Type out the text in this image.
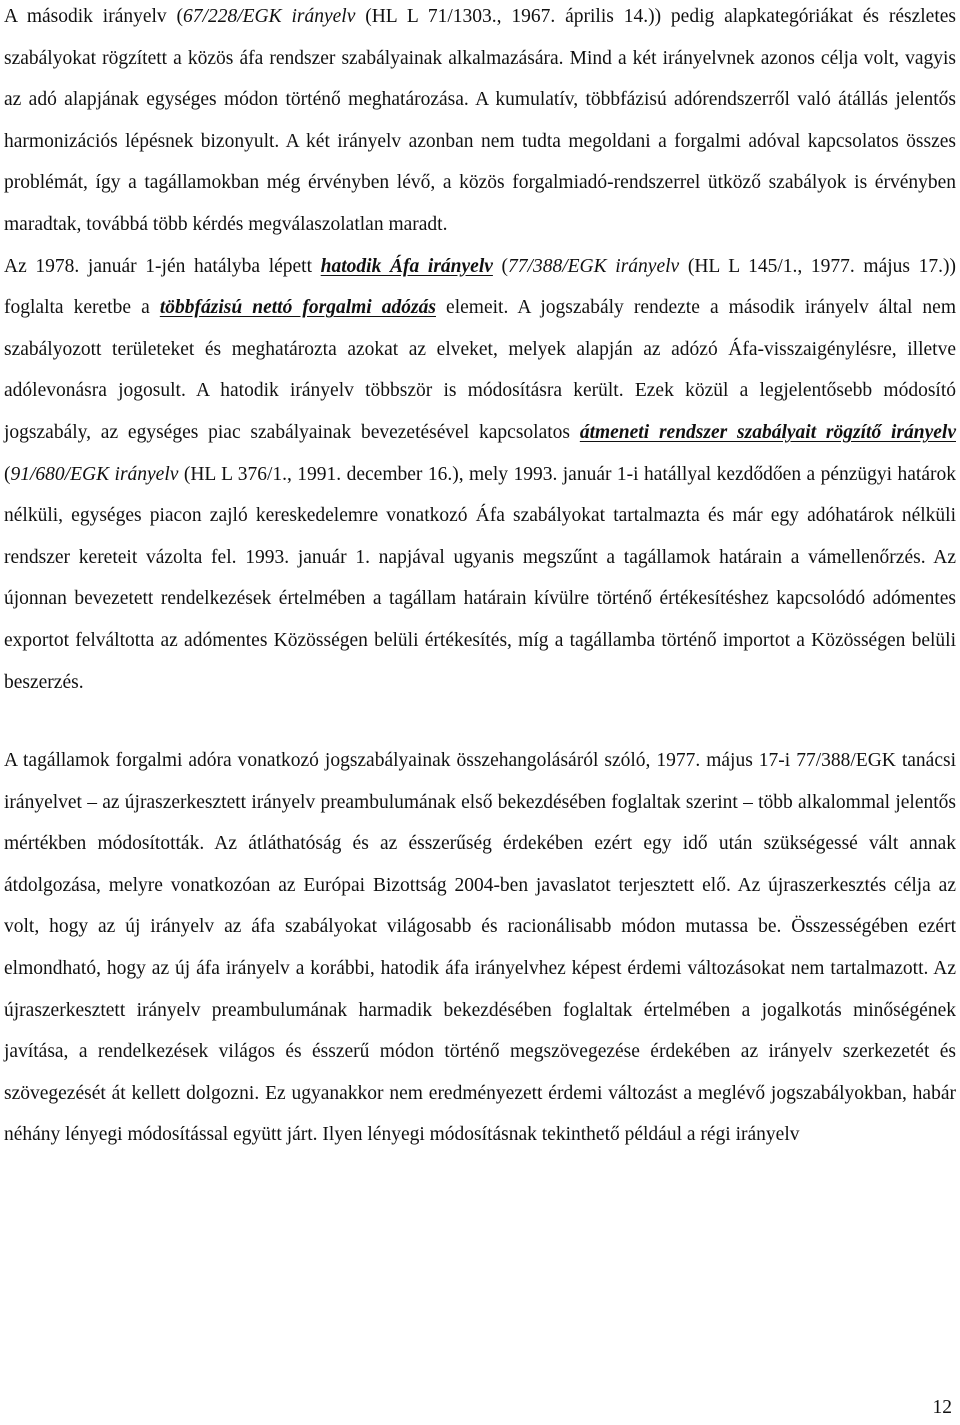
A második irányelv (67/228/EGK irányelv (HL L 71/1303., 1967. április 14.)) pedig alapkategóriákat és részletes szabályokat rögzített a közös áfa rendszer szabályainak alkalmazására. Mind a két irányelvnek azonos célja volt, vagyis az adó alapjának egységes módon történő meghatározása. A kumulatív, többfázisú adórendszerről való átállás jelentős harmonizációs lépésnek bizonyult. A két irányelv azonban nem tudta megoldani a forgalmi adóval kapcsolatos összes problémát, így a tagállamokban még érvényben lévő, a közös forgalmiadó-rendszerrel ütköző szabályok is érvényben maradtak, továbbá több kérdés megválaszolatlan maradt.

Az 1978. január 1-jén hatályba lépett hatodik Áfa irányelv (77/388/EGK irányelv (HL L 145/1., 1977. május 17.)) foglalta keretbe a többfázisú nettó forgalmi adózás elemeit. A jogszabály rendezte a második irányelv által nem szabályozott területeket és meghatározta azokat az elveket, melyek alapján az adózó Áfa-visszaigénylésre, illetve adólevonásra jogosult. A hatodik irányelv többször is módosításra került. Ezek közül a legjelentősebb módosító jogszabály, az egységes piac szabályainak bevezetésével kapcsolatos átmeneti rendszer szabályait rögzítő irányelv (91/680/EGK irányelv (HL L 376/1., 1991. december 16.), mely 1993. január 1-i hatállyal kezdődően a pénzügyi határok nélküli, egységes piacon zajló kereskedelemre vonatkozó Áfa szabályokat tartalmazta és már egy adóhatárok nélküli rendszer kereteit vázolta fel. 1993. január 1. napjával ugyanis megszűnt a tagállamok határain a vámellenőrzés. Az újonnan bevezetett rendelkezések értelmében a tagállam határain kívülre történő értékesítéshez kapcsolódó adómentes exportot felváltotta az adómentes Közösségen belüli értékesítés, míg a tagállamba történő importot a Közösségen belüli beszerzés.

A tagállamok forgalmi adóra vonatkozó jogszabályainak összehangolásáról szóló, 1977. május 17-i 77/388/EGK tanácsi irányelvet – az újraszerkesztett irányelv preambulumának első bekezdésében foglaltak szerint – több alkalommal jelentős mértékben módosították. Az átláthatóság és az ésszerűség érdekében ezért egy idő után szükségessé vált annak átdolgozása, melyre vonatkozóan az Európai Bizottság 2004-ben javaslatot terjesztett elő. Az újraszerkesztés célja az volt, hogy az új irányelv az áfa szabályokat világosabb és racionálisabb módon mutassa be. Összességében ezért elmondható, hogy az új áfa irányelv a korábbi, hatodik áfa irányelvhez képest érdemi változásokat nem tartalmazott. Az újraszerkesztett irányelv preambulumának harmadik bekezdésében foglaltak értelmében a jogalkotás minőségének javítása, a rendelkezések világos és ésszerű módon történő megszövegezése érdekében az irányelv szerkezetét és szövegezését át kellett dolgozni. Ez ugyanakkor nem eredményezett érdemi változást a meglévő jogszabályokban, habár néhány lényegi módosítással együtt járt. Ilyen lényegi módosításnak tekinthető például a régi irányelv

12
